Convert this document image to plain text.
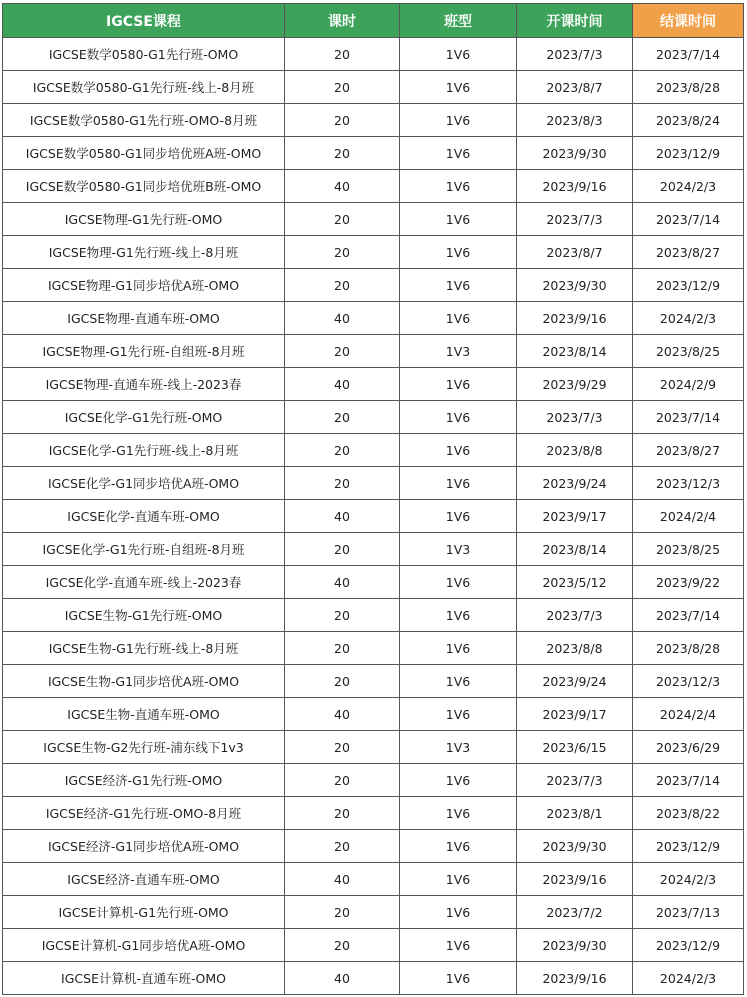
IGCSE课程	课时	班型	开课时间	结课时间
IGCSE数学0580-G1先行班-OMO	20	1V6	2023/7/3	2023/7/14
IGCSE数学0580-G1先行班-线上-8月班	20	1V6	2023/8/7	2023/8/28
IGCSE数学0580-G1先行班-OMO-8月班	20	1V6	2023/8/3	2023/8/24
IGCSE数学0580-G1同步培优班A班-OMO	20	1V6	2023/9/30	2023/12/9
IGCSE数学0580-G1同步培优班B班-OMO	40	1V6	2023/9/16	2024/2/3
IGCSE物理-G1先行班-OMO	20	1V6	2023/7/3	2023/7/14
IGCSE物理-G1先行班-线上-8月班	20	1V6	2023/8/7	2023/8/27
IGCSE物理-G1同步培优A班-OMO	20	1V6	2023/9/30	2023/12/9
IGCSE物理-直通车班-OMO	40	1V6	2023/9/16	2024/2/3
IGCSE物理-G1先行班-自组班-8月班	20	1V3	2023/8/14	2023/8/25
IGCSE物理-直通车班-线上-2023春	40	1V6	2023/9/29	2024/2/9
IGCSE化学-G1先行班-OMO	20	1V6	2023/7/3	2023/7/14
IGCSE化学-G1先行班-线上-8月班	20	1V6	2023/8/8	2023/8/27
IGCSE化学-G1同步培优A班-OMO	20	1V6	2023/9/24	2023/12/3
IGCSE化学-直通车班-OMO	40	1V6	2023/9/17	2024/2/4
IGCSE化学-G1先行班-自组班-8月班	20	1V3	2023/8/14	2023/8/25
IGCSE化学-直通车班-线上-2023春	40	1V6	2023/5/12	2023/9/22
IGCSE生物-G1先行班-OMO	20	1V6	2023/7/3	2023/7/14
IGCSE生物-G1先行班-线上-8月班	20	1V6	2023/8/8	2023/8/28
IGCSE生物-G1同步培优A班-OMO	20	1V6	2023/9/24	2023/12/3
IGCSE生物-直通车班-OMO	40	1V6	2023/9/17	2024/2/4
IGCSE生物-G2先行班-浦东线下1v3	20	1V3	2023/6/15	2023/6/29
IGCSE经济-G1先行班-OMO	20	1V6	2023/7/3	2023/7/14
IGCSE经济-G1先行班-OMO-8月班	20	1V6	2023/8/1	2023/8/22
IGCSE经济-G1同步培优A班-OMO	20	1V6	2023/9/30	2023/12/9
IGCSE经济-直通车班-OMO	40	1V6	2023/9/16	2024/2/3
IGCSE计算机-G1先行班-OMO	20	1V6	2023/7/2	2023/7/13
IGCSE计算机-G1同步培优A班-OMO	20	1V6	2023/9/30	2023/12/9
IGCSE计算机-直通车班-OMO	40	1V6	2023/9/16	2024/2/3
